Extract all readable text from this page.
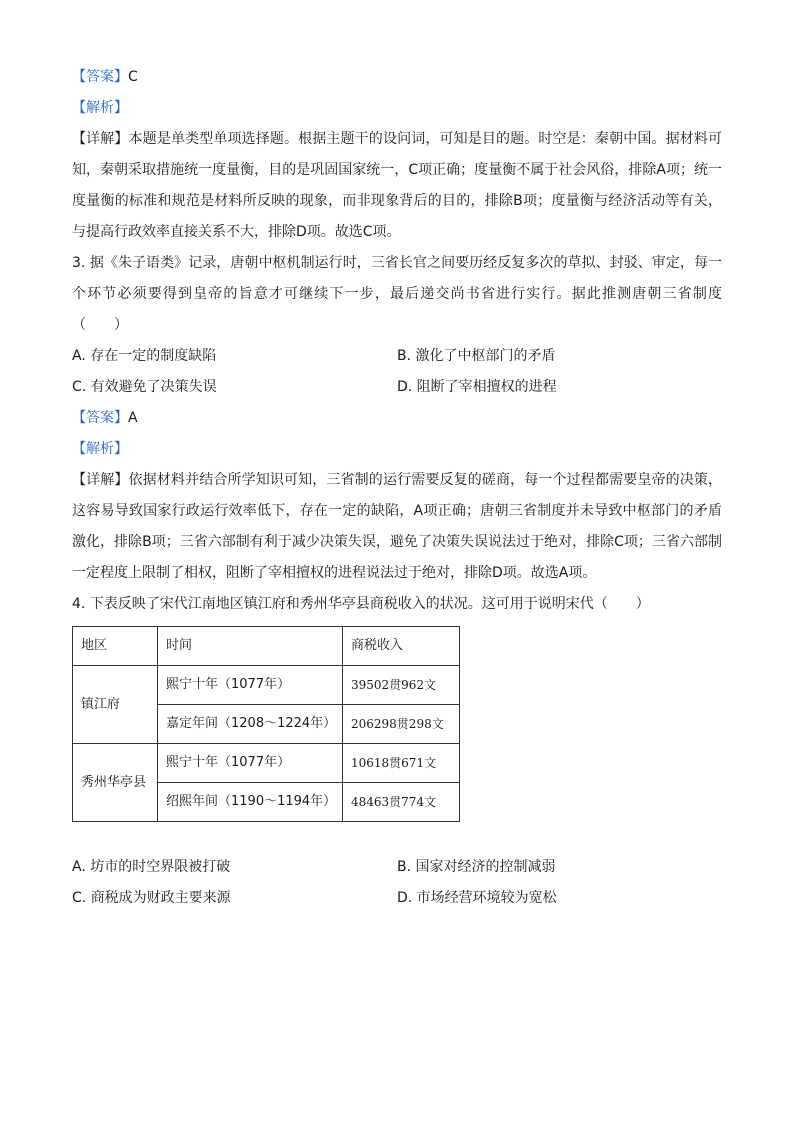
【答案】C
【解析】
【详解】本题是单类型单项选择题。根据主题干的设问词，可知是目的题。时空是：秦朝中国。据材料可知，秦朝采取措施统一度量衡，目的是巩固国家统一，C项正确；度量衡不属于社会风俗，排除A项；统一度量衡的标准和规范是材料所反映的现象，而非现象背后的目的，排除B项；度量衡与经济活动等有关，与提高行政效率直接关系不大，排除D项。故选C项。
3. 据《朱子语类》记录，唐朝中枢机制运行时，三省长官之间要历经反复多次的草拟、封驳、审定，每一个环节必须要得到皇帝的旨意才可继续下一步，最后递交尚书省进行实行。据此推测唐朝三省制度（　　）
A. 存在一定的制度缺陷	B. 激化了中枢部门的矛盾
C. 有效避免了决策失误	D. 阻断了宰相擅权的进程
【答案】A
【解析】
【详解】依据材料并结合所学知识可知，三省制的运行需要反复的磋商，每一个过程都需要皇帝的决策，这容易导致国家行政运行效率低下，存在一定的缺陷，A项正确；唐朝三省制度并未导致中枢部门的矛盾激化，排除B项；三省六部制有利于减少决策失误，避免了决策失误说法过于绝对，排除C项；三省六部制一定程度上限制了相权，阻断了宰相擅权的进程说法过于绝对，排除D项。故选A项。
4. 下表反映了宋代江南地区镇江府和秀州华亭县商税收入的状况。这可用于说明宋代（　　）
地区	时间	商税收入
镇江府	熙宁十年（1077年）	39502贯962文
	嘉定年间（1208～1224年）	206298贯298文
秀州华亭县	熙宁十年（1077年）	10618贯671文
	绍熙年间（1190～1194年）	48463贯774文
A. 坊市的时空界限被打破	B. 国家对经济的控制减弱
C. 商税成为财政主要来源	D. 市场经营环境较为宽松
